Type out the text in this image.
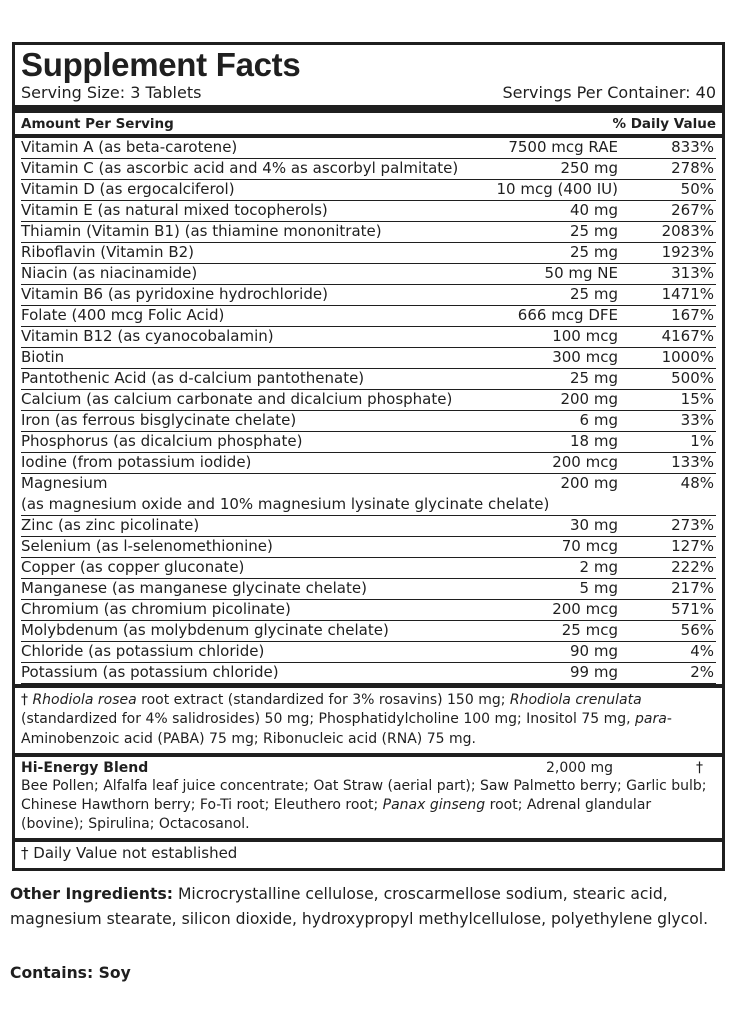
Supplement Facts
Serving Size: 3 Tablets	Servings Per Container: 40
Amount Per Serving	% Daily Value
Vitamin A (as beta-carotene)	7500 mcg RAE	833%
Vitamin C (as ascorbic acid and 4% as ascorbyl palmitate)	250 mg	278%
Vitamin D (as ergocalciferol)	10 mcg (400 IU)	50%
Vitamin E (as natural mixed tocopherols)	40 mg	267%
Thiamin (Vitamin B1) (as thiamine mononitrate)	25 mg	2083%
Riboflavin (Vitamin B2)	25 mg	1923%
Niacin (as niacinamide)	50 mg NE	313%
Vitamin B6 (as pyridoxine hydrochloride)	25 mg	1471%
Folate (400 mcg Folic Acid)	666 mcg DFE	167%
Vitamin B12 (as cyanocobalamin)	100 mcg	4167%
Biotin	300 mcg	1000%
Pantothenic Acid (as d-calcium pantothenate)	25 mg	500%
Calcium (as calcium carbonate and dicalcium phosphate)	200 mg	15%
Iron (as ferrous bisglycinate chelate)	6 mg	33%
Phosphorus (as dicalcium phosphate)	18 mg	1%
Iodine (from potassium iodide)	200 mcg	133%
Magnesium	200 mg	48%
(as magnesium oxide and 10% magnesium lysinate glycinate chelate)
Zinc (as zinc picolinate)	30 mg	273%
Selenium (as l-selenomethionine)	70 mcg	127%
Copper (as copper gluconate)	2 mg	222%
Manganese (as manganese glycinate chelate)	5 mg	217%
Chromium (as chromium picolinate)	200 mcg	571%
Molybdenum (as molybdenum glycinate chelate)	25 mcg	56%
Chloride (as potassium chloride)	90 mg	4%
Potassium (as potassium chloride)	99 mg	2%
† Rhodiola rosea root extract (standardized for 3% rosavins) 150 mg; Rhodiola crenulata (standardized for 4% salidrosides) 50 mg; Phosphatidylcholine 100 mg; Inositol 75 mg, para-Aminobenzoic acid (PABA) 75 mg; Ribonucleic acid (RNA) 75 mg.
Hi-Energy Blend	2,000 mg	†
Bee Pollen; Alfalfa leaf juice concentrate; Oat Straw (aerial part); Saw Palmetto berry; Garlic bulb; Chinese Hawthorn berry; Fo-Ti root; Eleuthero root; Panax ginseng root; Adrenal glandular (bovine); Spirulina; Octacosanol.
† Daily Value not established
Other Ingredients: Microcrystalline cellulose, croscarmellose sodium, stearic acid, magnesium stearate, silicon dioxide, hydroxypropyl methylcellulose, polyethylene glycol.
Contains: Soy
